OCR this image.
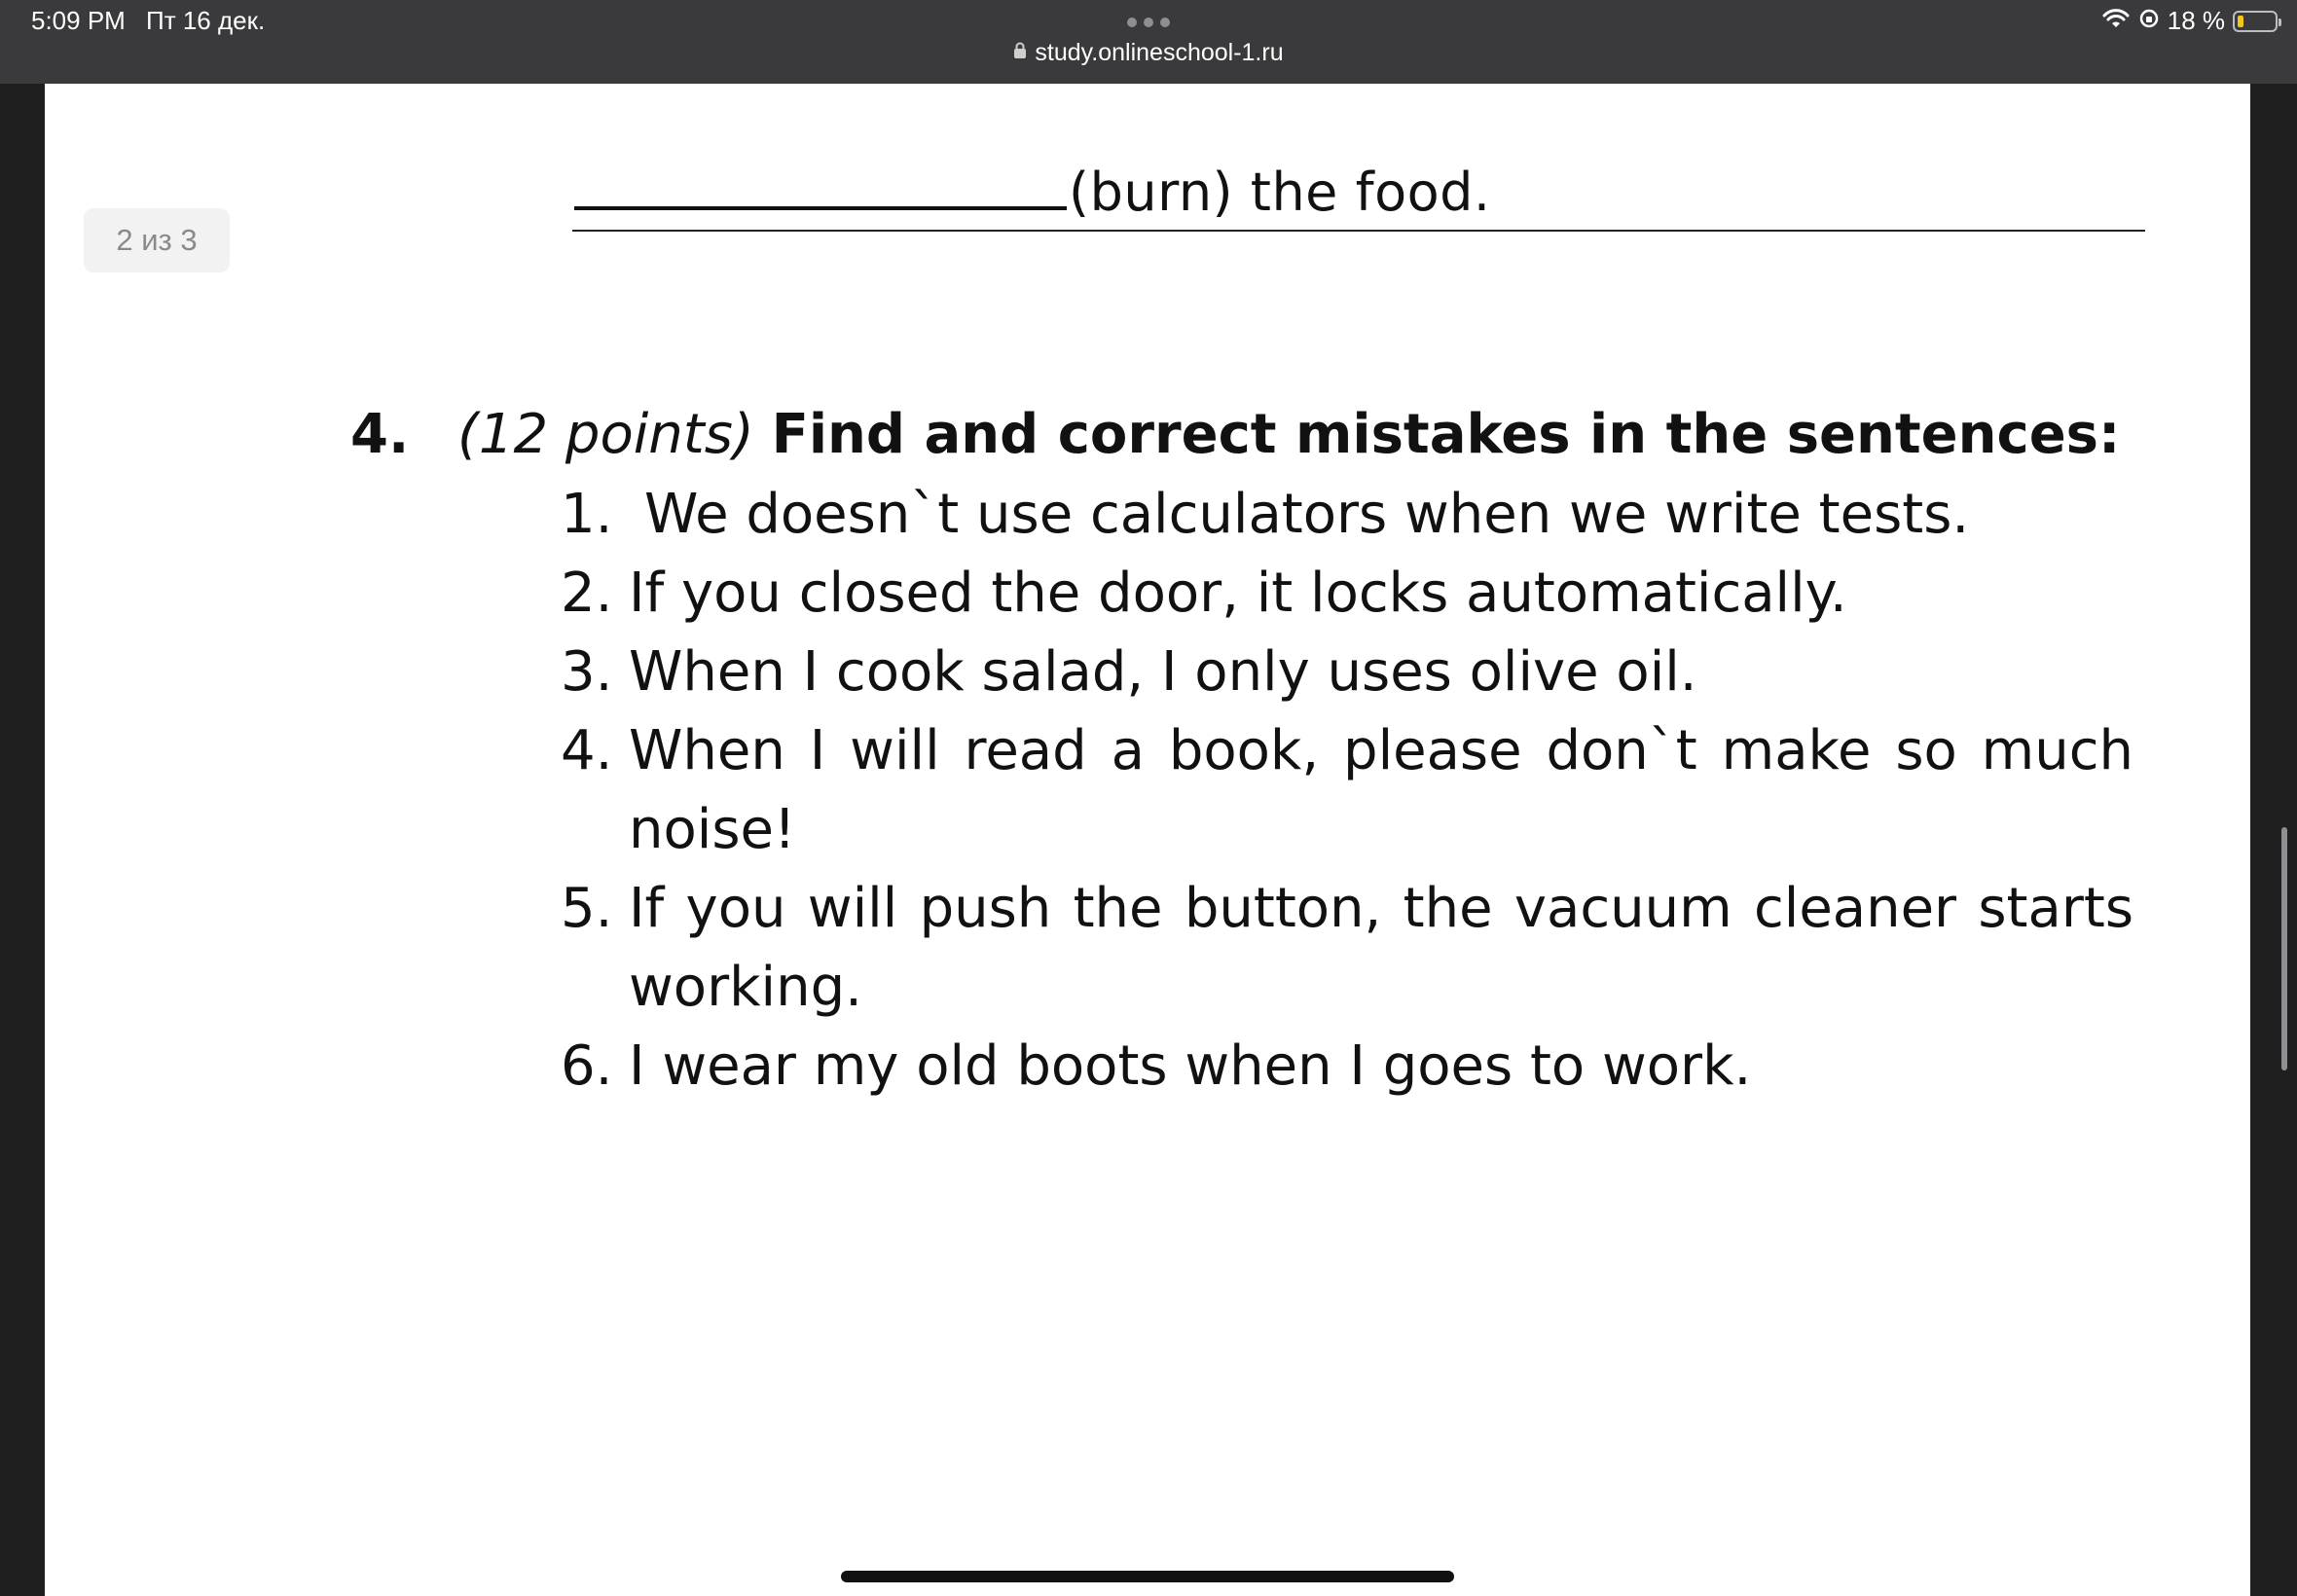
5:09 PM Пт 16 дек.
study.onlineschool-1.ru
18 %
2 из 3
(burn) the food.
4. (12 points) Find and correct mistakes in the sentences:
1. We doesn`t use calculators when we write tests.
2. If you closed the door, it locks automatically.
3. When I cook salad, I only uses olive oil.
4. When I will read a book, please don`t make so much noise!
5. If you will push the button, the vacuum cleaner starts working.
6. I wear my old boots when I goes to work.
